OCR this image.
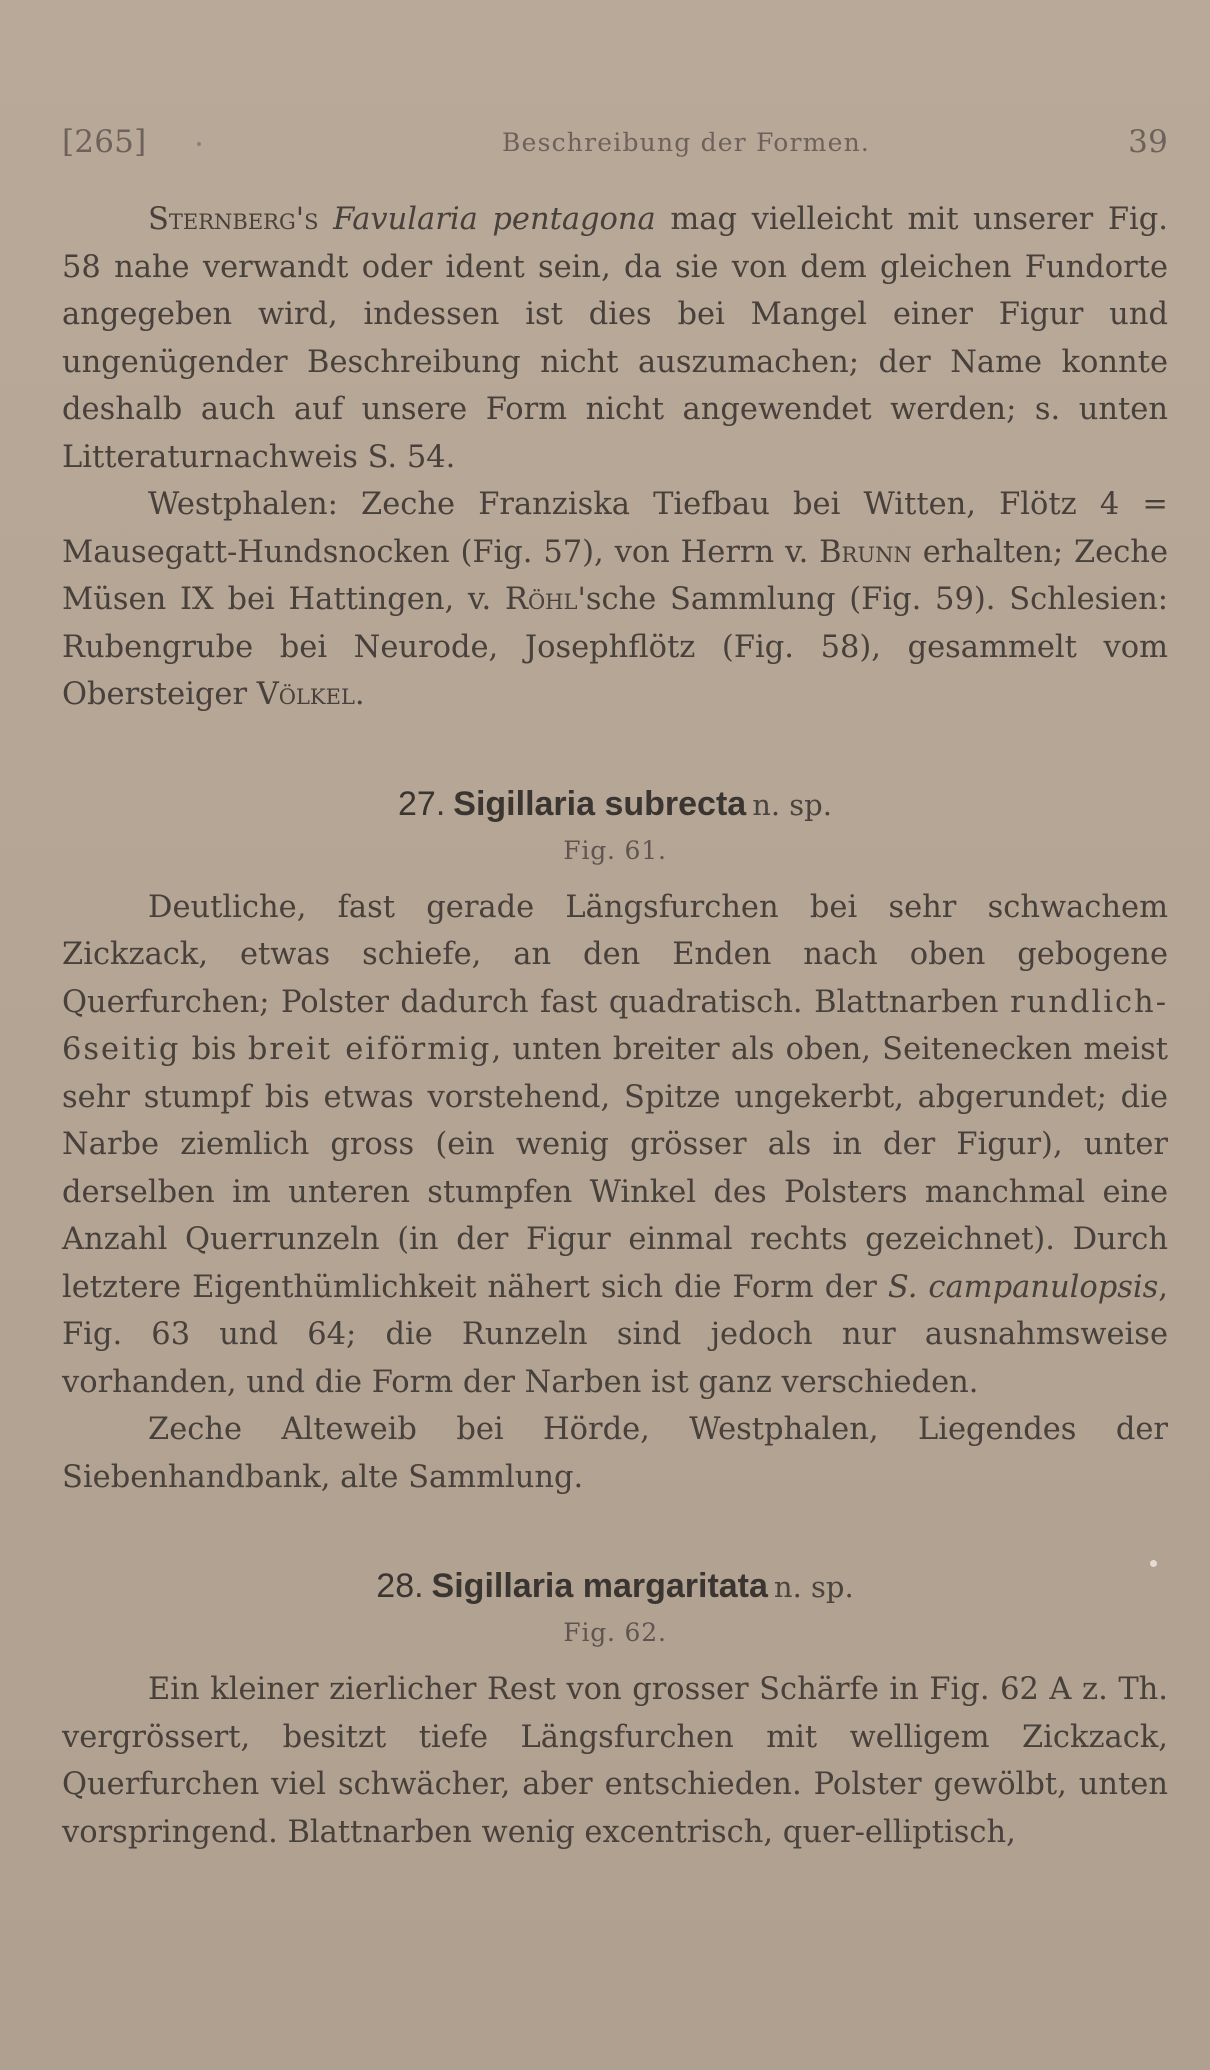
[265]	Beschreibung der Formen.	39

Sternberg's Favularia pentagona mag vielleicht mit unserer Fig. 58 nahe verwandt oder ident sein, da sie von dem gleichen Fundorte angegeben wird, indessen ist dies bei Mangel einer Figur und ungenügender Beschreibung nicht auszumachen; der Name konnte deshalb auch auf unsere Form nicht angewendet werden; s. unten Litteraturnachweis S. 54.

Westphalen: Zeche Franziska Tiefbau bei Witten, Flötz 4 = Mausegatt-Hundsnocken (Fig. 57), von Herrn v. Brunn erhalten; Zeche Müsen IX bei Hattingen, v. Röhl'sche Sammlung (Fig. 59). Schlesien: Rubengrube bei Neurode, Josephflötz (Fig. 58), gesammelt vom Obersteiger Völkel.

27. Sigillaria subrecta n. sp.
Fig. 61.

Deutliche, fast gerade Längsfurchen bei sehr schwachem Zickzack, etwas schiefe, an den Enden nach oben gebogene Querfurchen; Polster dadurch fast quadratisch. Blattnarben rundlich-6seitig bis breit eiförmig, unten breiter als oben, Seitenecken meist sehr stumpf bis etwas vorstehend, Spitze ungekerbt, abgerundet; die Narbe ziemlich gross (ein wenig grösser als in der Figur), unter derselben im unteren stumpfen Winkel des Polsters manchmal eine Anzahl Querrunzeln (in der Figur einmal rechts gezeichnet). Durch letztere Eigenthümlichkeit nähert sich die Form der S. campanulopsis, Fig. 63 und 64; die Runzeln sind jedoch nur ausnahmsweise vorhanden, und die Form der Narben ist ganz verschieden.

Zeche Alteweib bei Hörde, Westphalen, Liegendes der Siebenhandbank, alte Sammlung.

28. Sigillaria margaritata n. sp.
Fig. 62.

Ein kleiner zierlicher Rest von grosser Schärfe in Fig. 62 A z. Th. vergrössert, besitzt tiefe Längsfurchen mit welligem Zickzack, Querfurchen viel schwächer, aber entschieden. Polster gewölbt, unten vorspringend. Blattnarben wenig excentrisch, quer-elliptisch,
